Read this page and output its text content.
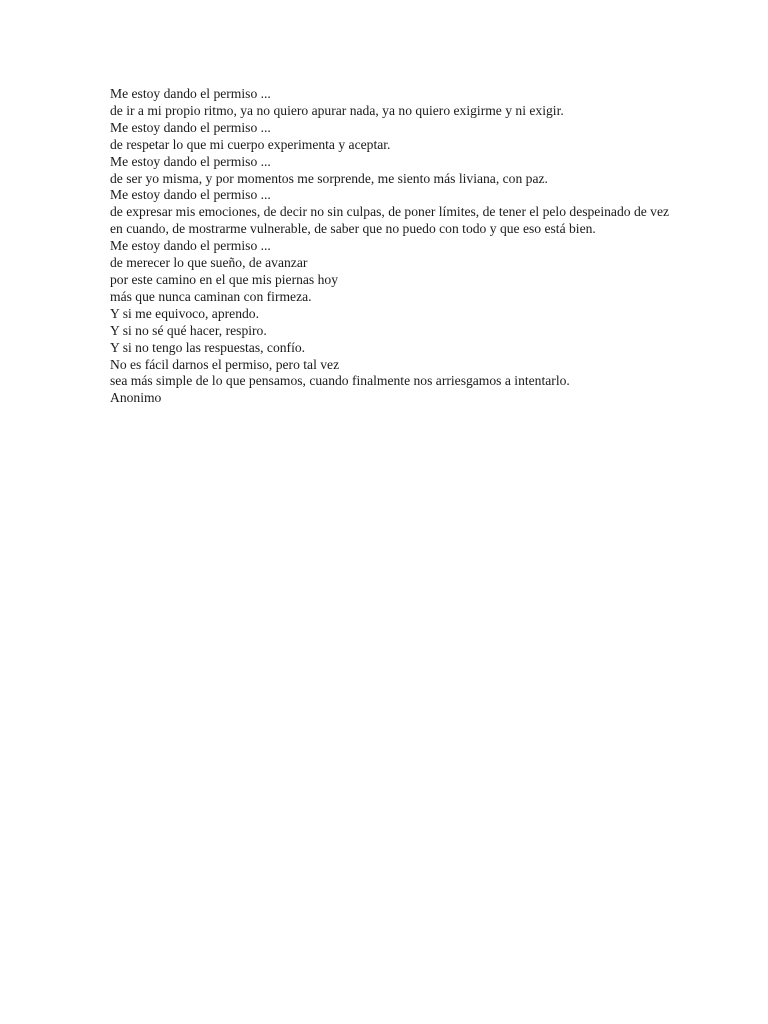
Me estoy dando el permiso ...
de ir a mi propio ritmo, ya no quiero apurar nada, ya no quiero exigirme y ni exigir.
Me estoy dando el permiso ...
de respetar lo que mi cuerpo experimenta y aceptar.
Me estoy dando el permiso ...
de ser yo misma, y por momentos me sorprende, me siento más liviana, con paz.
Me estoy dando el permiso ...
de expresar mis emociones, de decir no sin culpas, de poner límites, de tener el pelo despeinado de vez en cuando, de mostrarme vulnerable, de saber que no puedo con todo y que eso está bien.
Me estoy dando el permiso ...
de merecer lo que sueño, de avanzar
por este camino en el que mis piernas hoy
más que nunca caminan con firmeza.
Y si me equivoco, aprendo.
Y si no sé qué hacer, respiro.
Y si no tengo las respuestas, confío.
No es fácil darnos el permiso, pero tal vez
sea más simple de lo que pensamos, cuando finalmente nos arriesgamos a intentarlo.
Anonimo
